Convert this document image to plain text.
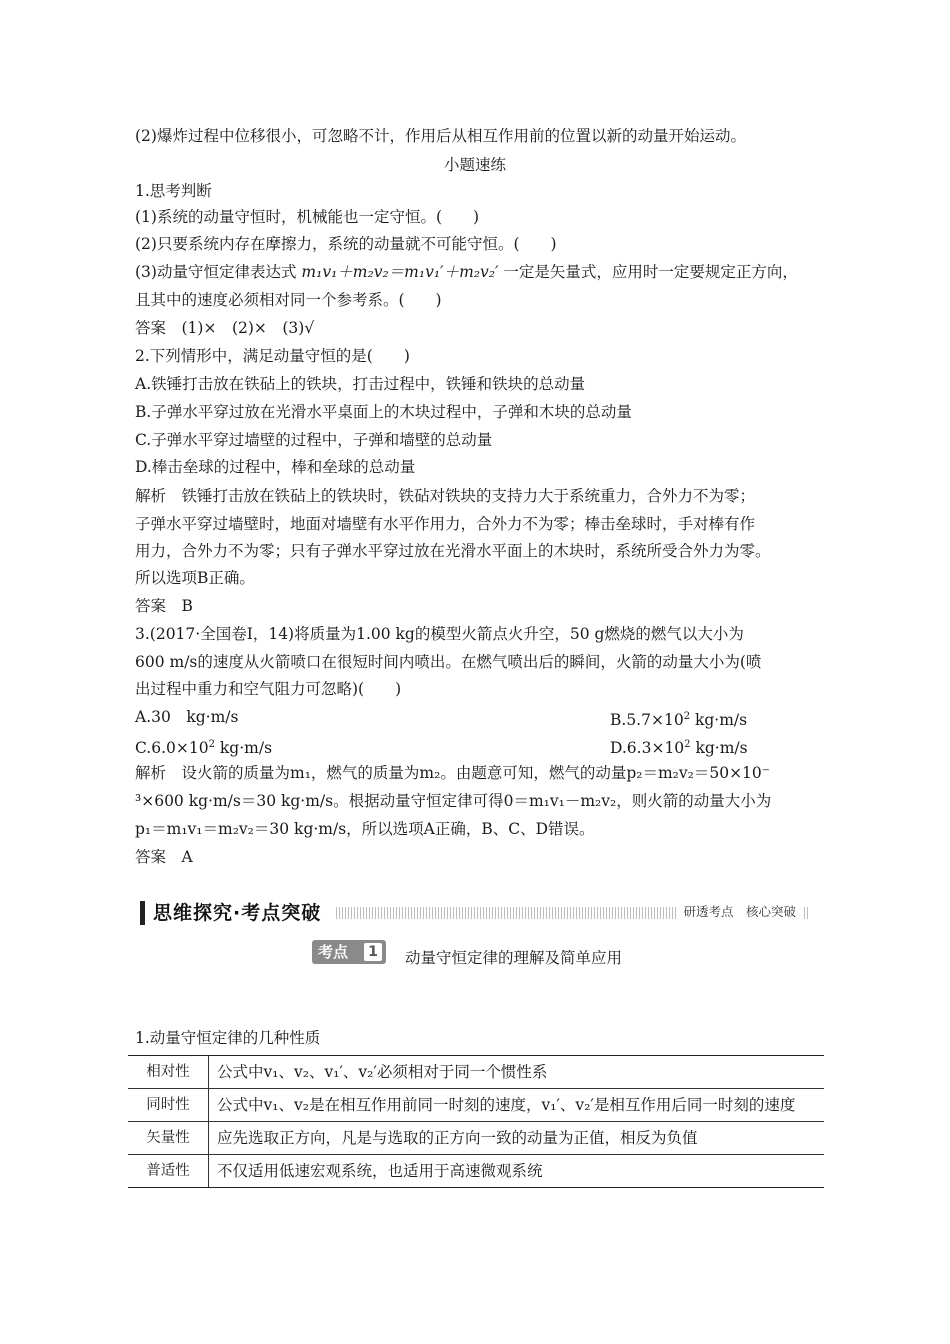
(2)爆炸过程中位移很小，可忽略不计，作用后从相互作用前的位置以新的动量开始运动。
小题速练
1.思考判断
(1)系统的动量守恒时，机械能也一定守恒。(　　)
(2)只要系统内存在摩擦力，系统的动量就不可能守恒。(　　)
(3)动量守恒定律表达式 m₁v₁＋m₂v₂＝m₁v₁′＋m₂v₂′ 一定是矢量式，应用时一定要规定正方向，
且其中的速度必须相对同一个参考系。(　　)
答案　(1)×　(2)×　(3)√
2.下列情形中，满足动量守恒的是(　　)
A.铁锤打击放在铁砧上的铁块，打击过程中，铁锤和铁块的总动量
B.子弹水平穿过放在光滑水平桌面上的木块过程中，子弹和木块的总动量
C.子弹水平穿过墙壁的过程中，子弹和墙壁的总动量
D.棒击垒球的过程中，棒和垒球的总动量
解析　铁锤打击放在铁砧上的铁块时，铁砧对铁块的支持力大于系统重力，合外力不为零；
子弹水平穿过墙壁时，地面对墙壁有水平作用力，合外力不为零；棒击垒球时，手对棒有作
用力，合外力不为零；只有子弹水平穿过放在光滑水平面上的木块时，系统所受合外力为零。
所以选项B正确。
答案　B
3.(2017·全国卷Ⅰ，14)将质量为1.00 kg的模型火箭点火升空，50 g燃烧的燃气以大小为
600 m/s的速度从火箭喷口在很短时间内喷出。在燃气喷出后的瞬间，火箭的动量大小为(喷
出过程中重力和空气阻力可忽略)(　　)
A.30　kg·m/s	$B.5.7\times 10^2$ kg·m/s
$C.6.0\times 10^2$ kg·m/s	$D.6.3\times 10^2$ kg·m/s
解析　设火箭的质量为m₁，燃气的质量为m₂。由题意可知，燃气的动量p₂＝m₂v₂＝50×10⁻
³×600 kg·m/s＝30 kg·m/s。根据动量守恒定律可得0＝m₁v₁－m₂v₂，则火箭的动量大小为
p₁＝m₁v₁＝m₂v₂＝30 kg·m/s，所以选项A正确，B、C、D错误。
答案　A
思维探究·考点突破	研透考点　核心突破
考点 1 动量守恒定律的理解及简单应用
1.动量守恒定律的几种性质
相对性	公式中v₁、v₂、v₁′、v₂′必须相对于同一个惯性系
同时性	公式中v₁、v₂是在相互作用前同一时刻的速度，v₁′、v₂′是相互作用后同一时刻的速度
矢量性	应先选取正方向，凡是与选取的正方向一致的动量为正值，相反为负值
普适性	不仅适用低速宏观系统，也适用于高速微观系统
